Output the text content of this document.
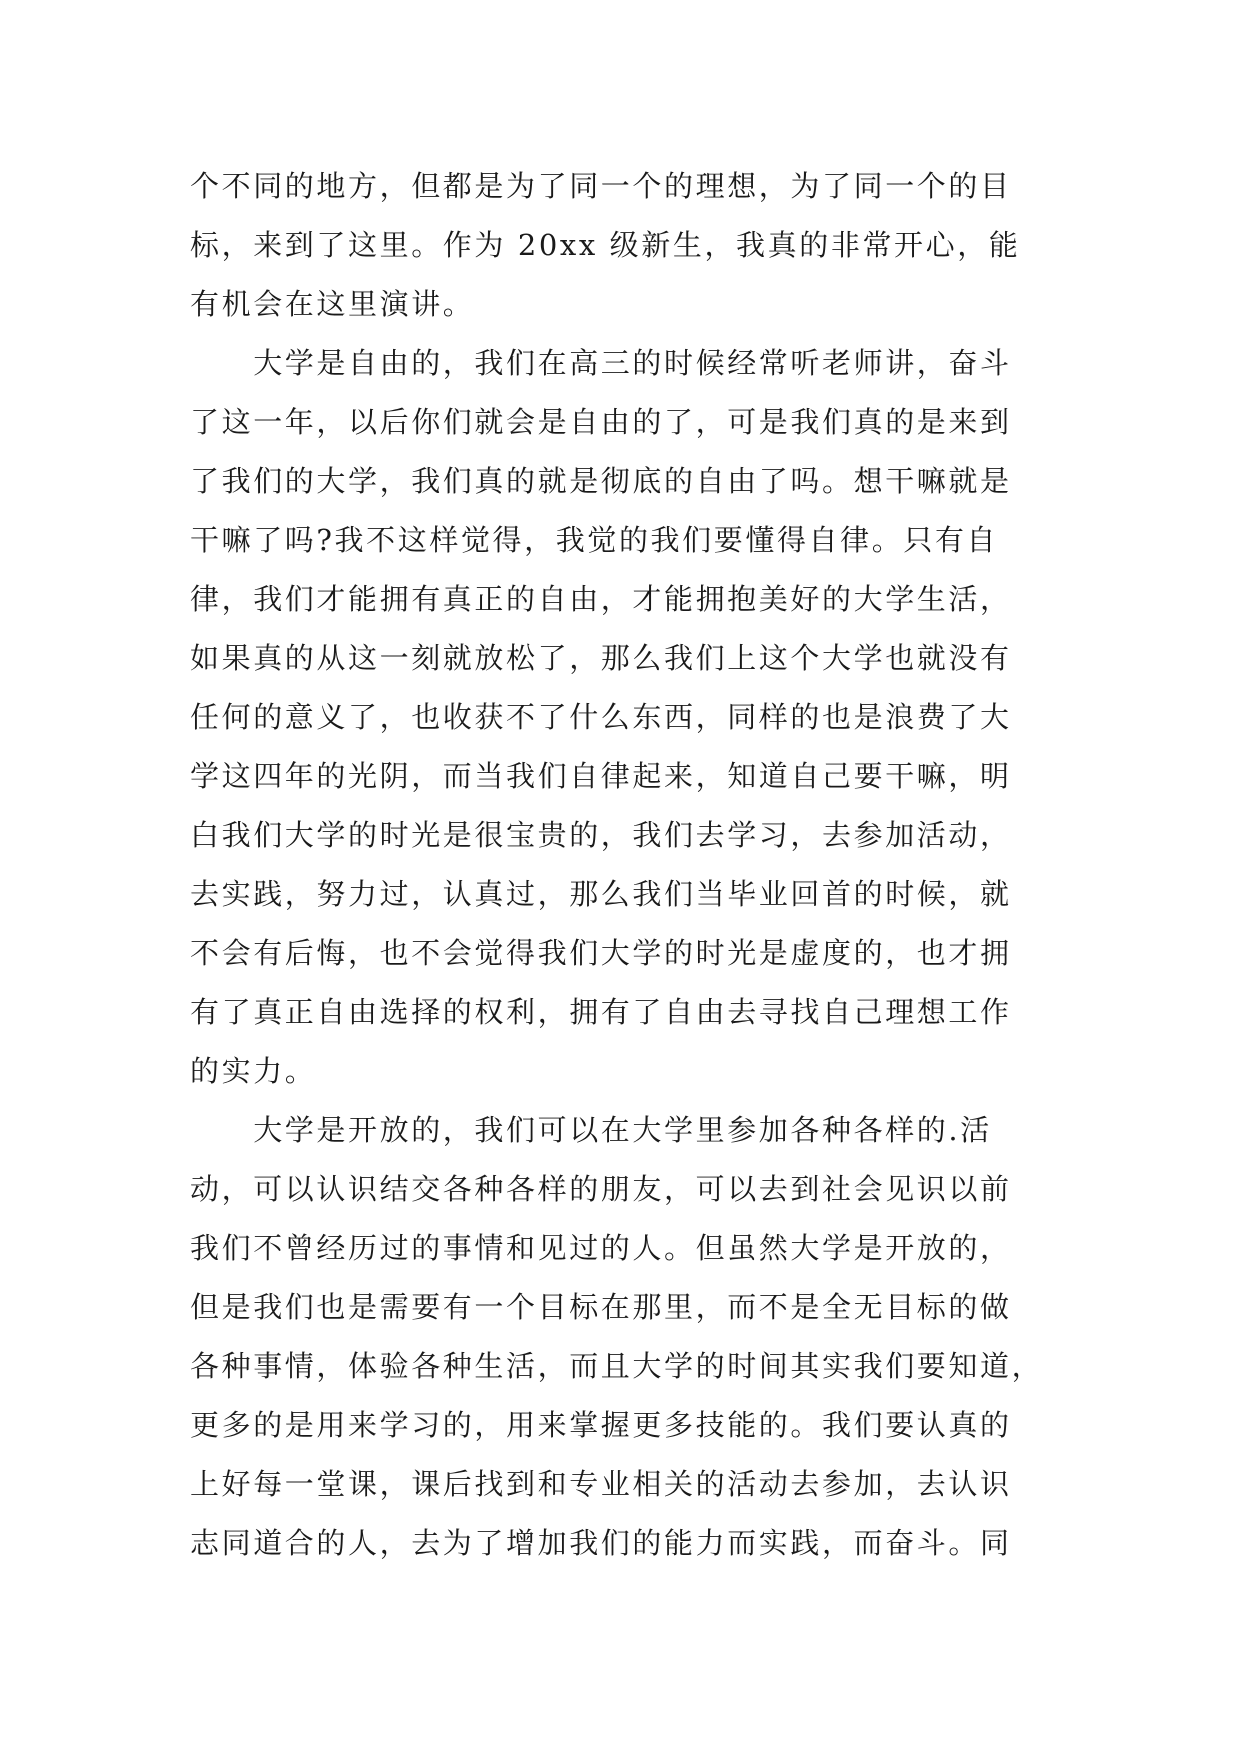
个不同的地方，但都是为了同一个的理想，为了同一个的目
标，来到了这里。作为 20xx 级新生，我真的非常开心，能
有机会在这里演讲。
　　大学是自由的，我们在高三的时候经常听老师讲，奋斗
了这一年，以后你们就会是自由的了，可是我们真的是来到
了我们的大学，我们真的就是彻底的自由了吗。想干嘛就是
干嘛了吗?我不这样觉得，我觉的我们要懂得自律。只有自
律，我们才能拥有真正的自由，才能拥抱美好的大学生活，
如果真的从这一刻就放松了，那么我们上这个大学也就没有
任何的意义了，也收获不了什么东西，同样的也是浪费了大
学这四年的光阴，而当我们自律起来，知道自己要干嘛，明
白我们大学的时光是很宝贵的，我们去学习，去参加活动，
去实践，努力过，认真过，那么我们当毕业回首的时候，就
不会有后悔，也不会觉得我们大学的时光是虚度的，也才拥
有了真正自由选择的权利，拥有了自由去寻找自己理想工作
的实力。
　　大学是开放的，我们可以在大学里参加各种各样的.活
动，可以认识结交各种各样的朋友，可以去到社会见识以前
我们不曾经历过的事情和见过的人。但虽然大学是开放的，
但是我们也是需要有一个目标在那里，而不是全无目标的做
各种事情，体验各种生活，而且大学的时间其实我们要知道，
更多的是用来学习的，用来掌握更多技能的。我们要认真的
上好每一堂课，课后找到和专业相关的活动去参加，去认识
志同道合的人，去为了增加我们的能力而实践，而奋斗。同
